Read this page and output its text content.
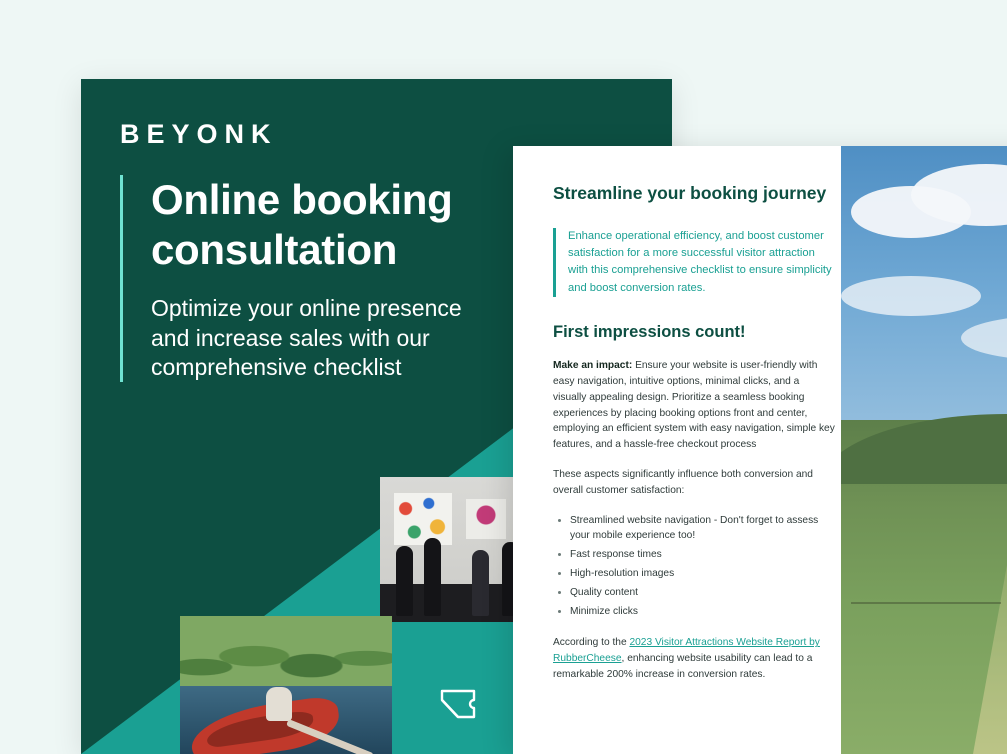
BEYONK
Online booking consultation

Optimize your online presence and increase sales with our comprehensive checklist

Streamline your booking journey

Enhance operational efficiency, and boost customer satisfaction for a more successful visitor attraction with this comprehensive checklist to ensure simplicity and boost conversion rates.

First impressions count!

Make an impact: Ensure your website is user-friendly with easy navigation, intuitive options, minimal clicks, and a visually appealing design. Prioritize a seamless booking experiences by placing booking options front and center, employing an efficient system with easy navigation, simple key features, and a hassle-free checkout process

These aspects significantly influence both conversion and overall customer satisfaction:

• Streamlined website navigation - Don't forget to assess your mobile experience too!
• Fast response times
• High-resolution images
• Quality content
• Minimize clicks

According to the 2023 Visitor Attractions Website Report by RubberCheese, enhancing website usability can lead to a remarkable 200% increase in conversion rates.
